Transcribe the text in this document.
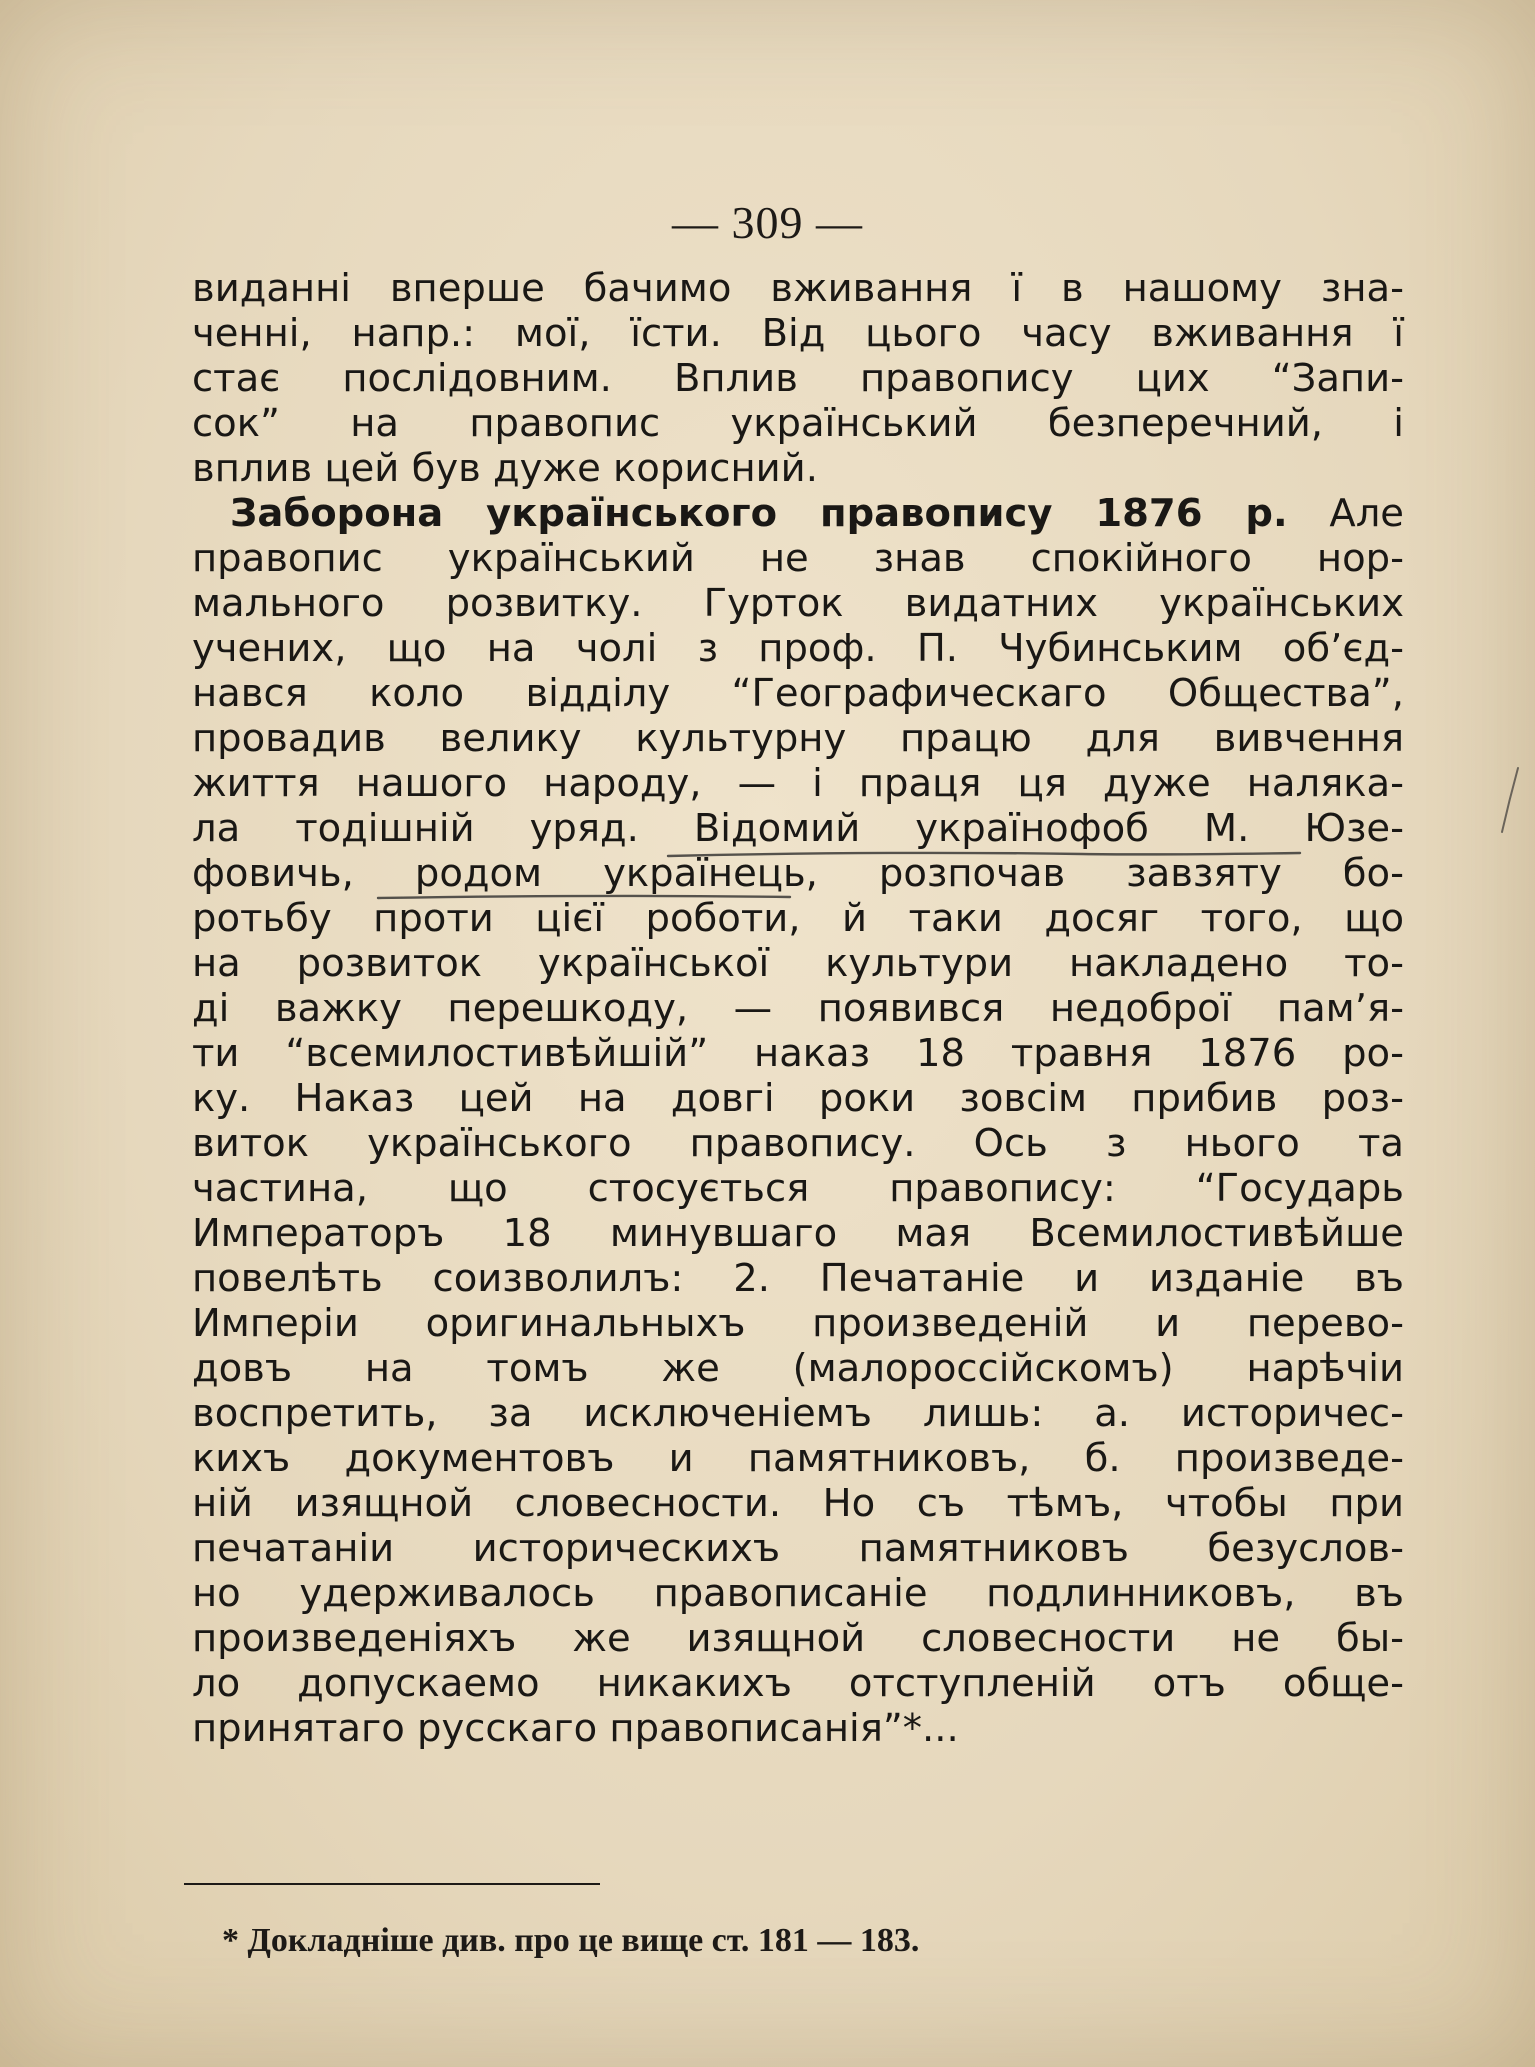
— 309 —
виданні вперше бачимо вживання ї в нашому зна-
ченні, напр.: мої, їсти. Від цього часу вживання ї
стає послідовним. Вплив правопису цих “Запи-
сок” на правопис український безперечний, і
вплив цей був дуже корисний.
Заборона українського правопису 1876 р. Але
правопис український не знав спокійного нор-
мального розвитку. Гурток видатних українських
учених, що на чолі з проф. П. Чубинським об’єд-
нався коло відділу “Географическаго Общества”,
провадив велику культурну працю для вивчення
життя нашого народу, — і праця ця дуже наляка-
ла тодішній уряд. Відомий українофоб М. Юзе-
фовичь, родом українець, розпочав завзяту бо-
ротьбу проти цієї роботи, й таки досяг того, що
на розвиток української культури накладено то-
ді важку перешкоду, — появився недоброї пам’я-
ти “всемилостивѣйшій” наказ 18 травня 1876 ро-
ку. Наказ цей на довгі роки зовсім прибив роз-
виток українського правопису. Ось з нього та
частина, що стосується правопису: “Государь
Императоръ 18 минувшаго мая Всемилостивѣйше
повелѣть соизволилъ: 2. Печатаніе и изданіе въ
Имперіи оригинальныхъ произведеній и перево-
довъ на томъ же (малороссійскомъ) нарѣчіи
воспретить, за исключеніемъ лишь: а. историчес-
кихъ документовъ и памятниковъ, б. произведе-
ній изящной словесности. Но съ тѣмъ, чтобы при
печатаніи историческихъ памятниковъ безуслов-
но удерживалось правописаніе подлинниковъ, въ
произведеніяхъ же изящной словесности не бы-
ло допускаемо никакихъ отступленій отъ обще-
принятаго русскаго правописанія”*...
* Докладніше див. про це вище ст. 181 — 183.
